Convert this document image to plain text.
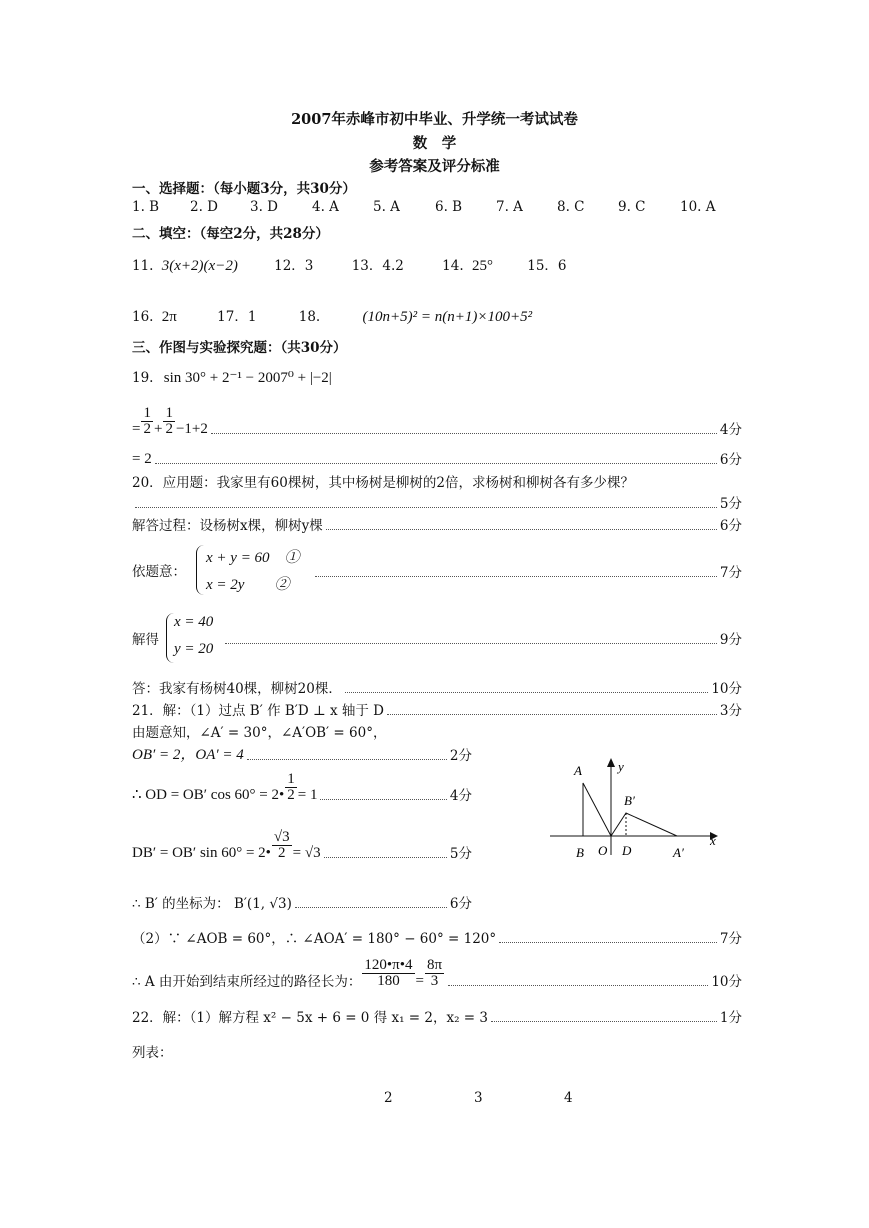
2007年赤峰市初中毕业、升学统一考试试卷
数　学
参考答案及评分标准
一、选择题：（每小题3分，共30分）
1. B 2. D 3. D	4. A	5. A	6. B	7. A	8. C 9. C	10. A
二、填空：（每空2分，共28分）
11. 3(x+2)(x−2)	12．3	13．4.2	14. 25°	15．6
16. 2π	17．1	18.	(10n+5)² = n(n+1)×100+5²
三、作图与实验探究题：（共30分）
19. sin 30° + 2⁻¹ − 2007⁰ + |−2|
= $\frac{1}{2} + \frac{1}{2} -1+2$	4分
= 2	6分
20．应用题：我家里有60棵树，其中杨树是柳树的2倍，求杨树和柳树各有多少棵？
5分
解答过程：设杨树x棵，柳树y棵	6分
依题意：
x + y = 60　①
x = 2y　　②
7分
解得
x = 40
y = 20
9分
答：我家有杨树40棵，柳树20棵．	10分
21．解：（1）过点 B′ 作 B′D ⊥ x 轴于 D	3分
由题意知，∠A′ = 30°，∠A′OB′ = 60°，
OB′ = 2，OA′ = 4	2分
∴ OD = OB′ cos 60° = 2• $\frac{1}{2} = 1$	4分
DB′ = OB′ sin 60° = 2• $\frac{√3}{2} = √3$	5分
∴ B′ 的坐标为： B′(1, √3)	6分
（2）∵ ∠AOB = 60°，∴ ∠AOA′ = 180° − 60° = 120°	7分
∴ A 由开始到结束所经过的路径长为： $\frac{120•\pi•4}{180} = \frac{8\pi}{3}$	10分
A
B O D	A′
B′
x
y
22．解：（1）解方程 x² − 5x + 6 = 0 得 x₁ = 2，x₂ = 3	1分
列表：
2	3	4
